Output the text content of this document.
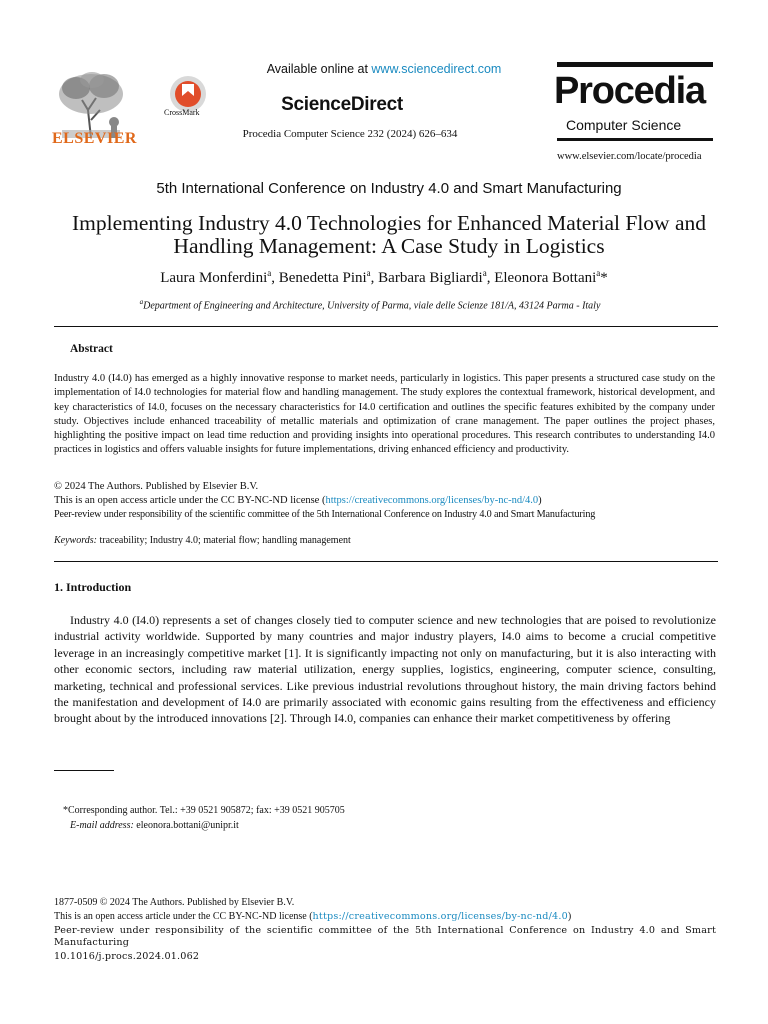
ELSEVIER
CrossMark
Available online at www.sciencedirect.com
ScienceDirect
Procedia Computer Science 232 (2024) 626–634
Procedia
Computer Science
www.elsevier.com/locate/procedia
5th International Conference on Industry 4.0 and Smart Manufacturing
Implementing Industry 4.0 Technologies for Enhanced Material Flow and Handling Management: A Case Study in Logistics
Laura Monferdini$^a$, Benedetta Pini$^a$, Barbara Bigliardi$^a$, Eleonora Bottani$^a$*
$^a$Department of Engineering and Architecture, University of Parma, viale delle Scienze 181/A, 43124 Parma - Italy
Abstract
Industry 4.0 (I4.0) has emerged as a highly innovative response to market needs, particularly in logistics. This paper presents a structured case study on the implementation of I4.0 technologies for material flow and handling management. The study explores the contextual framework, historical development, and key characteristics of I4.0, focuses on the necessary characteristics for I4.0 certification and outlines the specific features exhibited by the company under study. Objectives include enhanced traceability of metallic materials and optimization of crane management. The paper outlines the project phases, highlighting the positive impact on lead time reduction and providing insights into operational procedures. This research contributes to understanding I4.0 practices in logistics and offers valuable insights for future implementations, driving enhanced efficiency and productivity.
© 2024 The Authors. Published by Elsevier B.V.
This is an open access article under the CC BY-NC-ND license (https://creativecommons.org/licenses/by-nc-nd/4.0)
Peer-review under responsibility of the scientific committee of the 5th International Conference on Industry 4.0 and Smart Manufacturing
Keywords: traceability; Industry 4.0; material flow; handling management
1. Introduction
Industry 4.0 (I4.0) represents a set of changes closely tied to computer science and new technologies that are poised to revolutionize industrial activity worldwide. Supported by many countries and major industry players, I4.0 aims to become a crucial competitive leverage in an increasingly competitive market [1]. It is significantly impacting not only on manufacturing, but it is also interacting with other economic sectors, including raw material utilization, energy supplies, logistics, engineering, computer science, consulting, marketing, technical and professional services. Like previous industrial revolutions throughout history, the main driving factors behind the manifestation and development of I4.0 are primarily associated with economic gains resulting from the effectiveness and efficiency brought about by the introduced innovations [2]. Through I4.0, companies can enhance their market competitiveness by offering
*Corresponding author. Tel.: +39 0521 905872; fax: +39 0521 905705
E-mail address: eleonora.bottani@unipr.it
1877-0509 © 2024 The Authors. Published by Elsevier B.V.
This is an open access article under the CC BY-NC-ND license (https://creativecommons.org/licenses/by-nc-nd/4.0)
Peer-review under responsibility of the scientific committee of the 5th International Conference on Industry 4.0 and Smart Manufacturing
10.1016/j.procs.2024.01.062
